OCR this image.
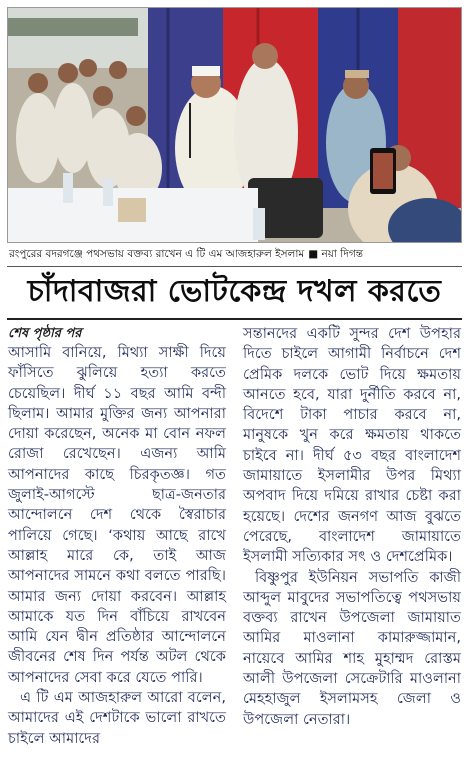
রংপুরের বদরগঞ্জে পথসভায় বক্তব্য রাখেন এ টি এম আজহারুল ইসলাম ■ নয়া দিগন্ত
চাঁদাবাজরা ভোটকেন্দ্র দখল করতে
শেষ পৃষ্ঠার পর

আসামি বানিয়ে, মিথ্যা সাক্ষী দিয়ে ফাঁসিতে ঝুলিয়ে হত্যা করতে চেয়েছিল। দীর্ঘ ১১ বছর আমি বন্দী ছিলাম। আমার মুক্তির জন্য আপনারা দোয়া করেছেন, অনেক মা বোন নফল রোজা রেখেছেন। এজন্য আমি আপনাদের কাছে চিরকৃতজ্ঞ। গত জুলাই-আগস্টে ছাত্র-জনতার আন্দোলনে দেশ থেকে স্বৈরাচার পালিয়ে গেছে। ‘কথায় আছে রাখে আল্লাহ মারে কে, তাই আজ আপনাদের সামনে কথা বলতে পারছি। আমার জন্য দোয়া করবেন। আল্লাহ আমাকে যত দিন বাঁচিয়ে রাখবেন আমি যেন দ্বীন প্রতিষ্ঠার আন্দোলনে জীবনের শেষ দিন পর্যন্ত অটল থেকে আপনাদের সেবা করে যেতে পারি।

এ টি এম আজহারুল আরো বলেন, আমাদের এই দেশটাকে ভালো রাখতে চাইলে আমাদের

সন্তানদের একটি সুন্দর দেশ উপহার দিতে চাইলে আগামী নির্বাচনে দেশ প্রেমিক দলকে ভোট দিয়ে ক্ষমতায় আনতে হবে, যারা দুর্নীতি করবে না, বিদেশে টাকা পাচার করবে না, মানুষকে খুন করে ক্ষমতায় থাকতে চাইবে না। দীর্ঘ ৫৩ বছর বাংলাদেশ জামায়াতে ইসলামীর উপর মিথ্যা অপবাদ দিয়ে দমিয়ে রাখার চেষ্টা করা হয়েছে। দেশের জনগণ আজ বুঝতে পেরেছে, বাংলাদেশ জামায়াতে ইসলামী সত্যিকার সৎ ও দেশপ্রেমিক।

বিষ্ণুপুর ইউনিয়ন সভাপতি কাজী আব্দুল মাবুদের সভাপতিত্বে পথসভায় বক্তব্য রাখেন উপজেলা জামায়াত আমির মাওলানা কামারুজ্জামান, নায়েবে আমির শাহ মুহাম্মদ রোস্তম আলী উপজেলা সেক্রেটারি মাওলানা মেহহাজুল ইসলামসহ জেলা ও উপজেলা নেতারা।
